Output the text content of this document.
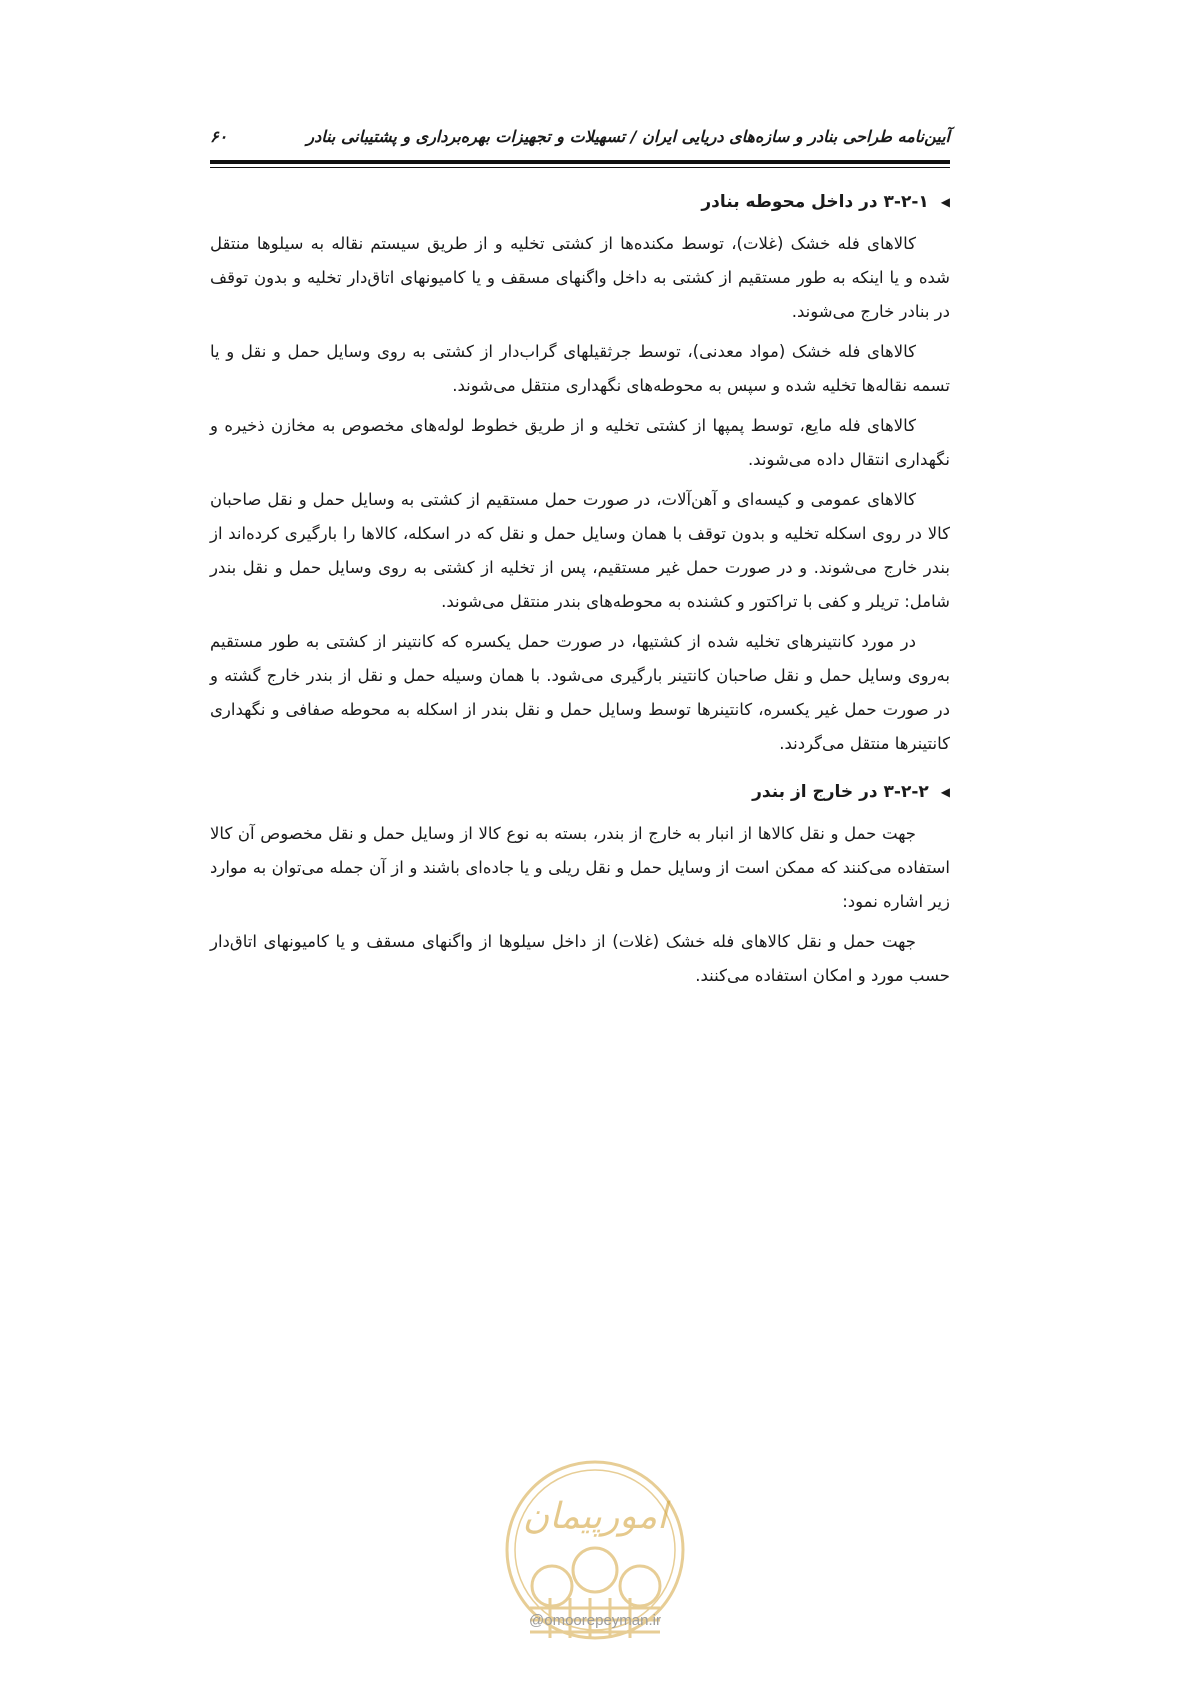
آیین‌نامه طراحی بنادر و سازه‌های دریایی ایران / تسهیلات و تجهیزات بهره‌برداری و پشتیبانی بنادر
۶۰
◀
۳-۲-۱ در داخل محوطه بنادر

کالاهای فله خشک (غلات)، توسط مکنده‌ها از کشتی تخلیه و از طریق سیستم نقاله به سیلوها منتقل شده و یا اینکه به طور مستقیم از کشتی به داخل واگنهای مسقف و یا کامیونهای اتاق‌دار تخلیه و بدون توقف در بنادر خارج می‌شوند.

کالاهای فله خشک (مواد معدنی)، توسط جرثقیلهای گراب‌دار از کشتی به روی وسایل حمل و نقل و یا تسمه نقاله‌ها تخلیه شده و سپس به محوطه‌های نگهداری منتقل می‌شوند.

کالاهای فله مایع، توسط پمپها از کشتی تخلیه و از طریق خطوط لوله‌های مخصوص به مخازن ذخیره و نگهداری انتقال داده می‌شوند.

کالاهای عمومی و کیسه‌ای و آهن‌آلات، در صورت حمل مستقیم از کشتی به وسایل حمل و نقل صاحبان کالا در روی اسکله تخلیه و بدون توقف با همان وسایل حمل و نقل که در اسکله، کالاها را بارگیری کرده‌اند از بندر خارج می‌شوند. و در صورت حمل غیر مستقیم، پس از تخلیه از کشتی به روی وسایل حمل و نقل بندر شامل: تریلر و کفی با تراکتور و کشنده به محوطه‌های بندر منتقل می‌شوند.

در مورد کانتینرهای تخلیه شده از کشتیها، در صورت حمل یکسره که کانتینر از کشتی به طور مستقیم به‌روی وسایل حمل و نقل صاحبان کانتینر بارگیری می‌شود. با همان وسیله حمل و نقل از بندر خارج گشته و در صورت حمل غیر یکسره، کانتینرها توسط وسایل حمل و نقل بندر از اسکله به محوطه صفافی و نگهداری کانتینرها منتقل می‌گردند.

◀
۳-۲-۲ در خارج از بندر

جهت حمل و نقل کالاها از انبار به خارج از بندر، بسته به نوع کالا از وسایل حمل و نقل مخصوص آن کالا استفاده می‌کنند که ممکن است از وسایل حمل و نقل ریلی و یا جاده‌ای باشند و از آن جمله می‌توان به موارد زیر اشاره نمود:

جهت حمل و نقل کالاهای فله خشک (غلات) از داخل سیلوها از واگنهای مسقف و یا کامیونهای اتاق‌دار حسب مورد و امکان استفاده می‌کنند.

امورپیمان
@omoorepeyman.ir
